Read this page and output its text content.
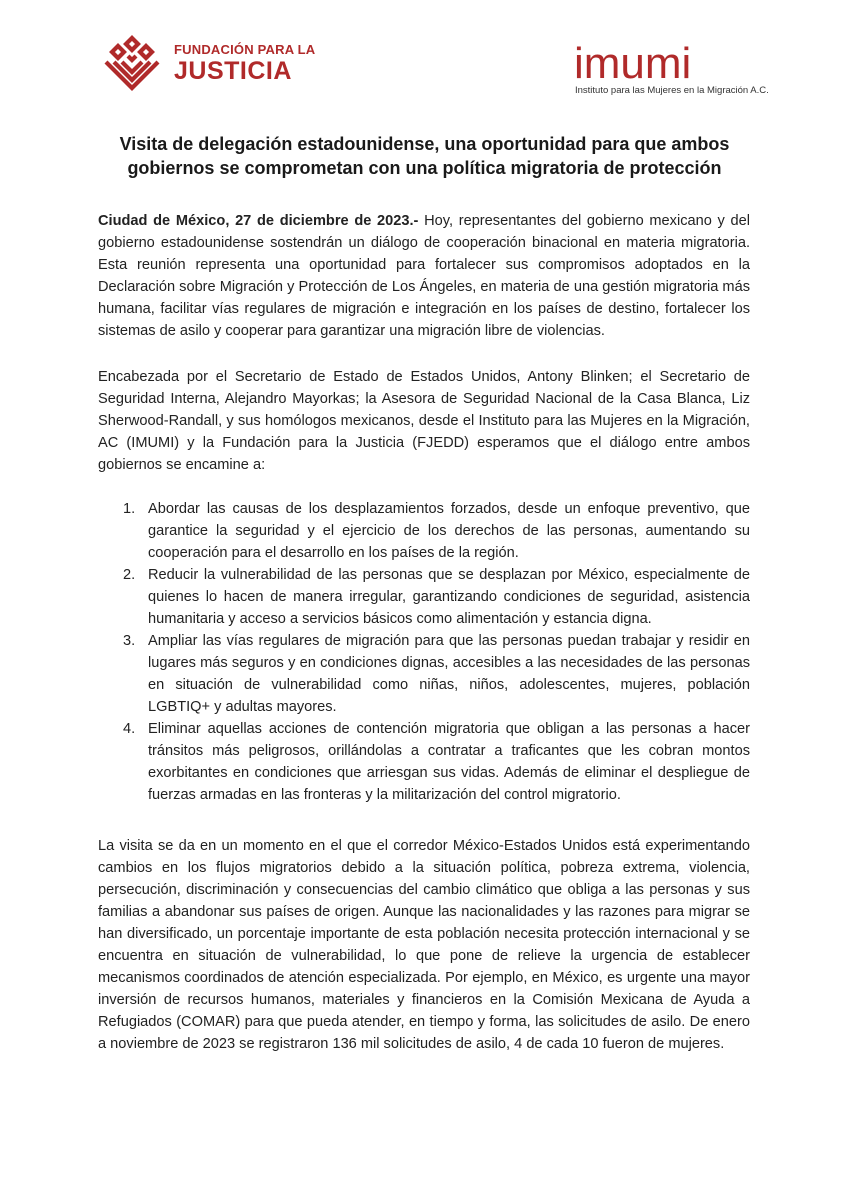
FUNDACIÓN PARA LA
JUSTICIA	imumi
Instituto para las Mujeres en la Migración A.C.
Visita de delegación estadounidense, una oportunidad para que ambos gobiernos se comprometan con una política migratoria de protección

Ciudad de México, 27 de diciembre de 2023.- Hoy, representantes del gobierno mexicano y del gobierno estadounidense sostendrán un diálogo de cooperación binacional en materia migratoria. Esta reunión representa una oportunidad para fortalecer sus compromisos adoptados en la Declaración sobre Migración y Protección de Los Ángeles, en materia de una gestión migratoria más humana, facilitar vías regulares de migración e integración en los países de destino, fortalecer los sistemas de asilo y cooperar para garantizar una migración libre de violencias.

Encabezada por el Secretario de Estado de Estados Unidos, Antony Blinken; el Secretario de Seguridad Interna, Alejandro Mayorkas; la Asesora de Seguridad Nacional de la Casa Blanca, Liz Sherwood-Randall, y sus homólogos mexicanos, desde el Instituto para las Mujeres en la Migración, AC (IMUMI) y la Fundación para la Justicia (FJEDD) esperamos que el diálogo entre ambos gobiernos se encamine a:

1. Abordar las causas de los desplazamientos forzados, desde un enfoque preventivo, que garantice la seguridad y el ejercicio de los derechos de las personas, aumentando su cooperación para el desarrollo en los países de la región.
2. Reducir la vulnerabilidad de las personas que se desplazan por México, especialmente de quienes lo hacen de manera irregular, garantizando condiciones de seguridad, asistencia humanitaria y acceso a servicios básicos como alimentación y estancia digna.
3. Ampliar las vías regulares de migración para que las personas puedan trabajar y residir en lugares más seguros y en condiciones dignas, accesibles a las necesidades de las personas en situación de vulnerabilidad como niñas, niños, adolescentes, mujeres, población LGBTIQ+ y adultas mayores.
4. Eliminar aquellas acciones de contención migratoria que obligan a las personas a hacer tránsitos más peligrosos, orillándolas a contratar a traficantes que les cobran montos exorbitantes en condiciones que arriesgan sus vidas. Además de eliminar el despliegue de fuerzas armadas en las fronteras y la militarización del control migratorio.

La visita se da en un momento en el que el corredor México-Estados Unidos está experimentando cambios en los flujos migratorios debido a la situación política, pobreza extrema, violencia, persecución, discriminación y consecuencias del cambio climático que obliga a las personas y sus familias a abandonar sus países de origen. Aunque las nacionalidades y las razones para migrar se han diversificado, un porcentaje importante de esta población necesita protección internacional y se encuentra en situación de vulnerabilidad, lo que pone de relieve la urgencia de establecer mecanismos coordinados de atención especializada. Por ejemplo, en México, es urgente una mayor inversión de recursos humanos, materiales y financieros en la Comisión Mexicana de Ayuda a Refugiados (COMAR) para que pueda atender, en tiempo y forma, las solicitudes de asilo. De enero a noviembre de 2023 se registraron 136 mil solicitudes de asilo, 4 de cada 10 fueron de mujeres.
